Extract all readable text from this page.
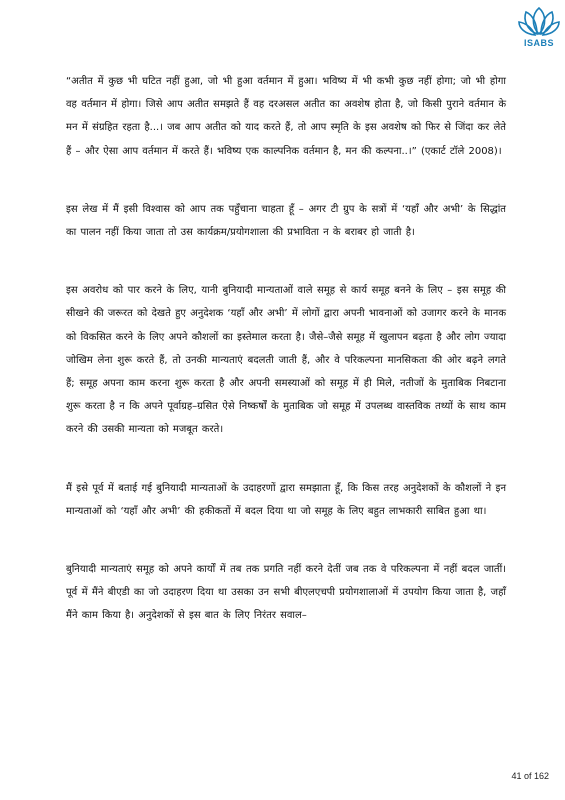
ISABS

“अतीत में कुछ भी घटित नहीं हुआ, जो भी हुआ वर्तमान में हुआ। भविष्य में भी कभी कुछ नहीं होगा; जो भी होगा वह वर्तमान में होगा। जिसे आप अतीत समझते हैं वह दरअसल अतीत का अवशेष होता है, जो किसी पुराने वर्तमान के मन में संग्रहित रहता है...। जब आप अतीत को याद करते हैं, तो आप स्मृति के इस अवशेष को फिर से जिंदा कर लेते हैं – और ऐसा आप वर्तमान में करते हैं। भविष्य एक काल्पनिक वर्तमान है, मन की कल्पना..।” (एकार्ट टॉले 2008)।

इस लेख में मैं इसी विश्वास को आप तक पहुँचाना चाहता हूँ – अगर टी ग्रुप के सत्रों में ‘यहाँ और अभी’ के सिद्धांत का पालन नहीं किया जाता तो उस कार्यक्रम/प्रयोगशाला की प्रभाविता न के बराबर हो जाती है।

इस अवरोध को पार करने के लिए, यानी बुनियादी मान्यताओं वाले समूह से कार्य समूह बनने के लिए – इस समूह की सीखने की जरूरत को देखते हुए अनुदेशक ‘यहाँ और अभी’ में लोगों द्वारा अपनी भावनाओं को उजागर करने के मानक को विकसित करने के लिए अपने कौशलों का इस्तेमाल करता है। जैसे–जैसे समूह में खुलापन बढ़ता है और लोग ज्यादा जोखिम लेना शुरू करते हैं, तो उनकी मान्यताएं बदलती जाती हैं, और वे परिकल्पना मानसिकता की ओर बढ़ने लगते हैं; समूह अपना काम करना शुरू करता है और अपनी समस्याओं को समूह में ही मिले, नतीजों के मुताबिक निबटाना शुरू करता है न कि अपने पूर्वाग्रह–ग्रसित ऐसे निष्कर्षों के मुताबिक जो समूह में उपलब्ध वास्तविक तथ्यों के साथ काम करने की उसकी मान्यता को मजबूत करते।

मैं इसे पूर्व में बताई गई बुनियादी मान्यताओं के उदाहरणों द्वारा समझाता हूँ, कि किस तरह अनुदेशकों के कौशलों ने इन मान्यताओं को ‘यहाँ और अभी’ की हकीकतों में बदल दिया था जो समूह के लिए बहुत लाभकारी साबित हुआ था।

बुनियादी मान्यताएं समूह को अपने कार्यों में तब तक प्रगति नहीं करने देतीं जब तक वे परिकल्पना में नहीं बदल जातीं। पूर्व में मैंने बीएडी का जो उदाहरण दिया था उसका उन सभी बीएलएचपी प्रयोगशालाओं में उपयोग किया जाता है, जहाँ मैंने काम किया है। अनुदेशकों से इस बात के लिए निरंतर सवाल–

41 of 162
